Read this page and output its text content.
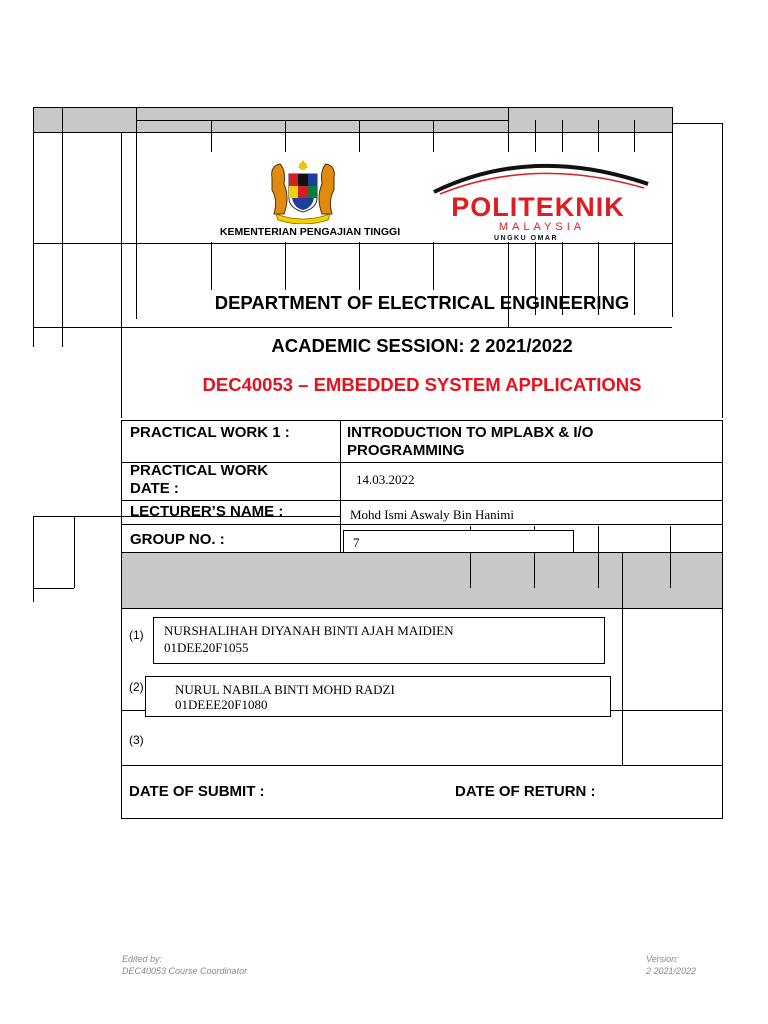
KEMENTERIAN PENGAJIAN TINGGI
POLITEKNIK
MALAYSIA
UNGKU OMAR
DEPARTMENT OF ELECTRICAL ENGINEERING
ACADEMIC SESSION: 2 2021/2022
DEC40053 – EMBEDDED SYSTEM APPLICATIONS
PRACTICAL WORK 1 :	INTRODUCTION TO MPLABX & I/O
PROGRAMMING
PRACTICAL WORK
DATE :
14.03.2022
LECTURER’S NAME :	Mohd Ismi Aswaly Bin Hanimi
GROUP NO. :	7
(1) NURSHALIHAH DIYANAH BINTI AJAH MAIDIEN
01DEE20F1055
(2) NURUL NABILA BINTI MOHD RADZI
01DEEE20F1080
(3)
DATE OF SUBMIT :	DATE OF RETURN :
Edited by:
DEC40053 Course Coordinator
Version:
2 2021/2022
